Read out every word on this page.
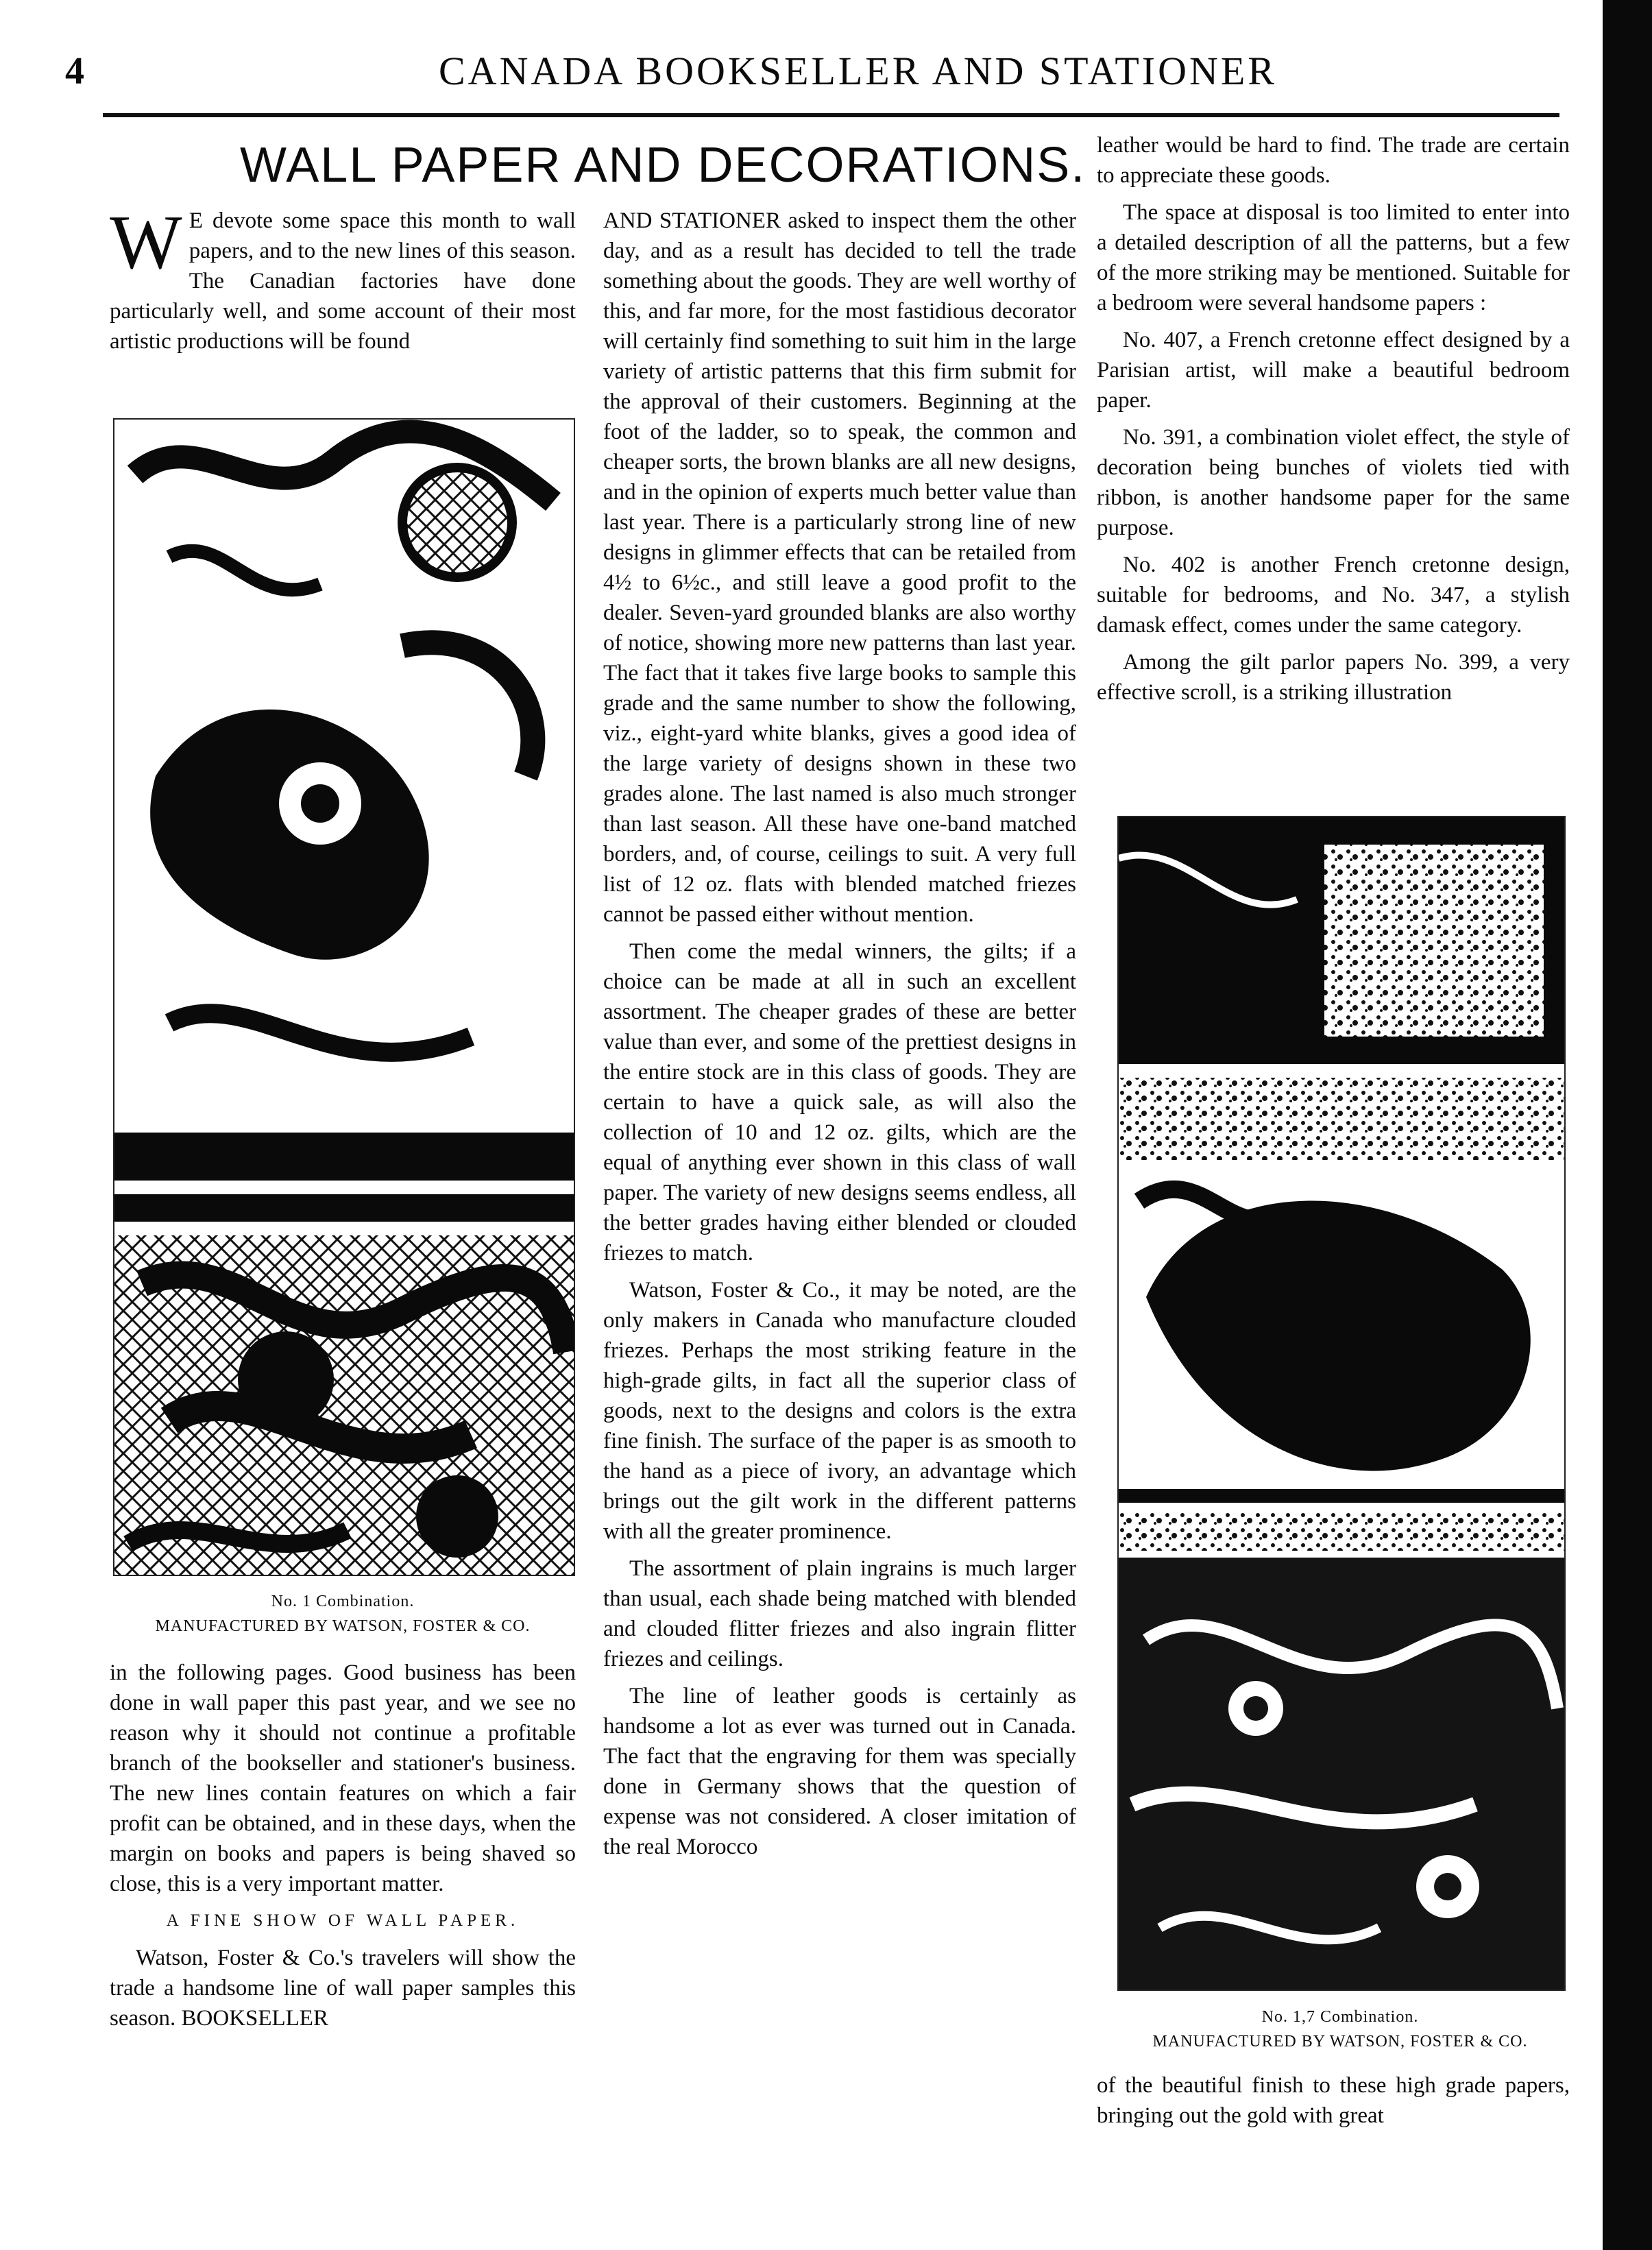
4	CANADA BOOKSELLER AND STATIONER
WALL PAPER AND DECORATIONS.

W E devote some space this month to wall papers, and to the new lines of this season. The Canadian factories have done particularly well, and some account of their most artistic productions will be found

No. 1 Combination.
MANUFACTURED BY WATSON, FOSTER & CO.

in the following pages. Good business has been done in wall paper this past year, and we see no reason why it should not continue a profitable branch of the bookseller and stationer's business. The new lines contain features on which a fair profit can be obtained, and in these days, when the margin on books and papers is being shaved so close, this is a very important matter.

A FINE SHOW OF WALL PAPER.

Watson, Foster & Co.'s travelers will show the trade a handsome line of wall paper samples this season. BOOKSELLER

AND STATIONER asked to inspect them the other day, and as a result has decided to tell the trade something about the goods. They are well worthy of this, and far more, for the most fastidious decorator will certainly find something to suit him in the large variety of artistic patterns that this firm submit for the approval of their customers. Beginning at the foot of the ladder, so to speak, the common and cheaper sorts, the brown blanks are all new designs, and in the opinion of experts much better value than last year. There is a particularly strong line of new designs in glimmer effects that can be retailed from 4½ to 6½c., and still leave a good profit to the dealer. Seven-yard grounded blanks are also worthy of notice, showing more new patterns than last year. The fact that it takes five large books to sample this grade and the same number to show the following, viz., eight-yard white blanks, gives a good idea of the large variety of designs shown in these two grades alone. The last named is also much stronger than last season. All these have one-band matched borders, and, of course, ceilings to suit. A very full list of 12 oz. flats with blended matched friezes cannot be passed either without mention.

Then come the medal winners, the gilts; if a choice can be made at all in such an excellent assortment. The cheaper grades of these are better value than ever, and some of the prettiest designs in the entire stock are in this class of goods. They are certain to have a quick sale, as will also the collection of 10 and 12 oz. gilts, which are the equal of anything ever shown in this class of wall paper. The variety of new designs seems endless, all the better grades having either blended or clouded friezes to match.

Watson, Foster & Co., it may be noted, are the only makers in Canada who manufacture clouded friezes. Perhaps the most striking feature in the high-grade gilts, in fact all the superior class of goods, next to the designs and colors is the extra fine finish. The surface of the paper is as smooth to the hand as a piece of ivory, an advantage which brings out the gilt work in the different patterns with all the greater prominence.

The assortment of plain ingrains is much larger than usual, each shade being matched with blended and clouded flitter friezes and also ingrain flitter friezes and ceilings.

The line of leather goods is certainly as handsome a lot as ever was turned out in Canada. The fact that the engraving for them was specially done in Germany shows that the question of expense was not considered. A closer imitation of the real Morocco

leather would be hard to find. The trade are certain to appreciate these goods.

The space at disposal is too limited to enter into a detailed description of all the patterns, but a few of the more striking may be mentioned. Suitable for a bedroom were several handsome papers :

No. 407, a French cretonne effect designed by a Parisian artist, will make a beautiful bedroom paper.

No. 391, a combination violet effect, the style of decoration being bunches of violets tied with ribbon, is another handsome paper for the same purpose.

No. 402 is another French cretonne design, suitable for bedrooms, and No. 347, a stylish damask effect, comes under the same category.

Among the gilt parlor papers No. 399, a very effective scroll, is a striking illustration

No. 1,7 Combination.
MANUFACTURED BY WATSON, FOSTER & CO.

of the beautiful finish to these high grade papers, bringing out the gold with great
